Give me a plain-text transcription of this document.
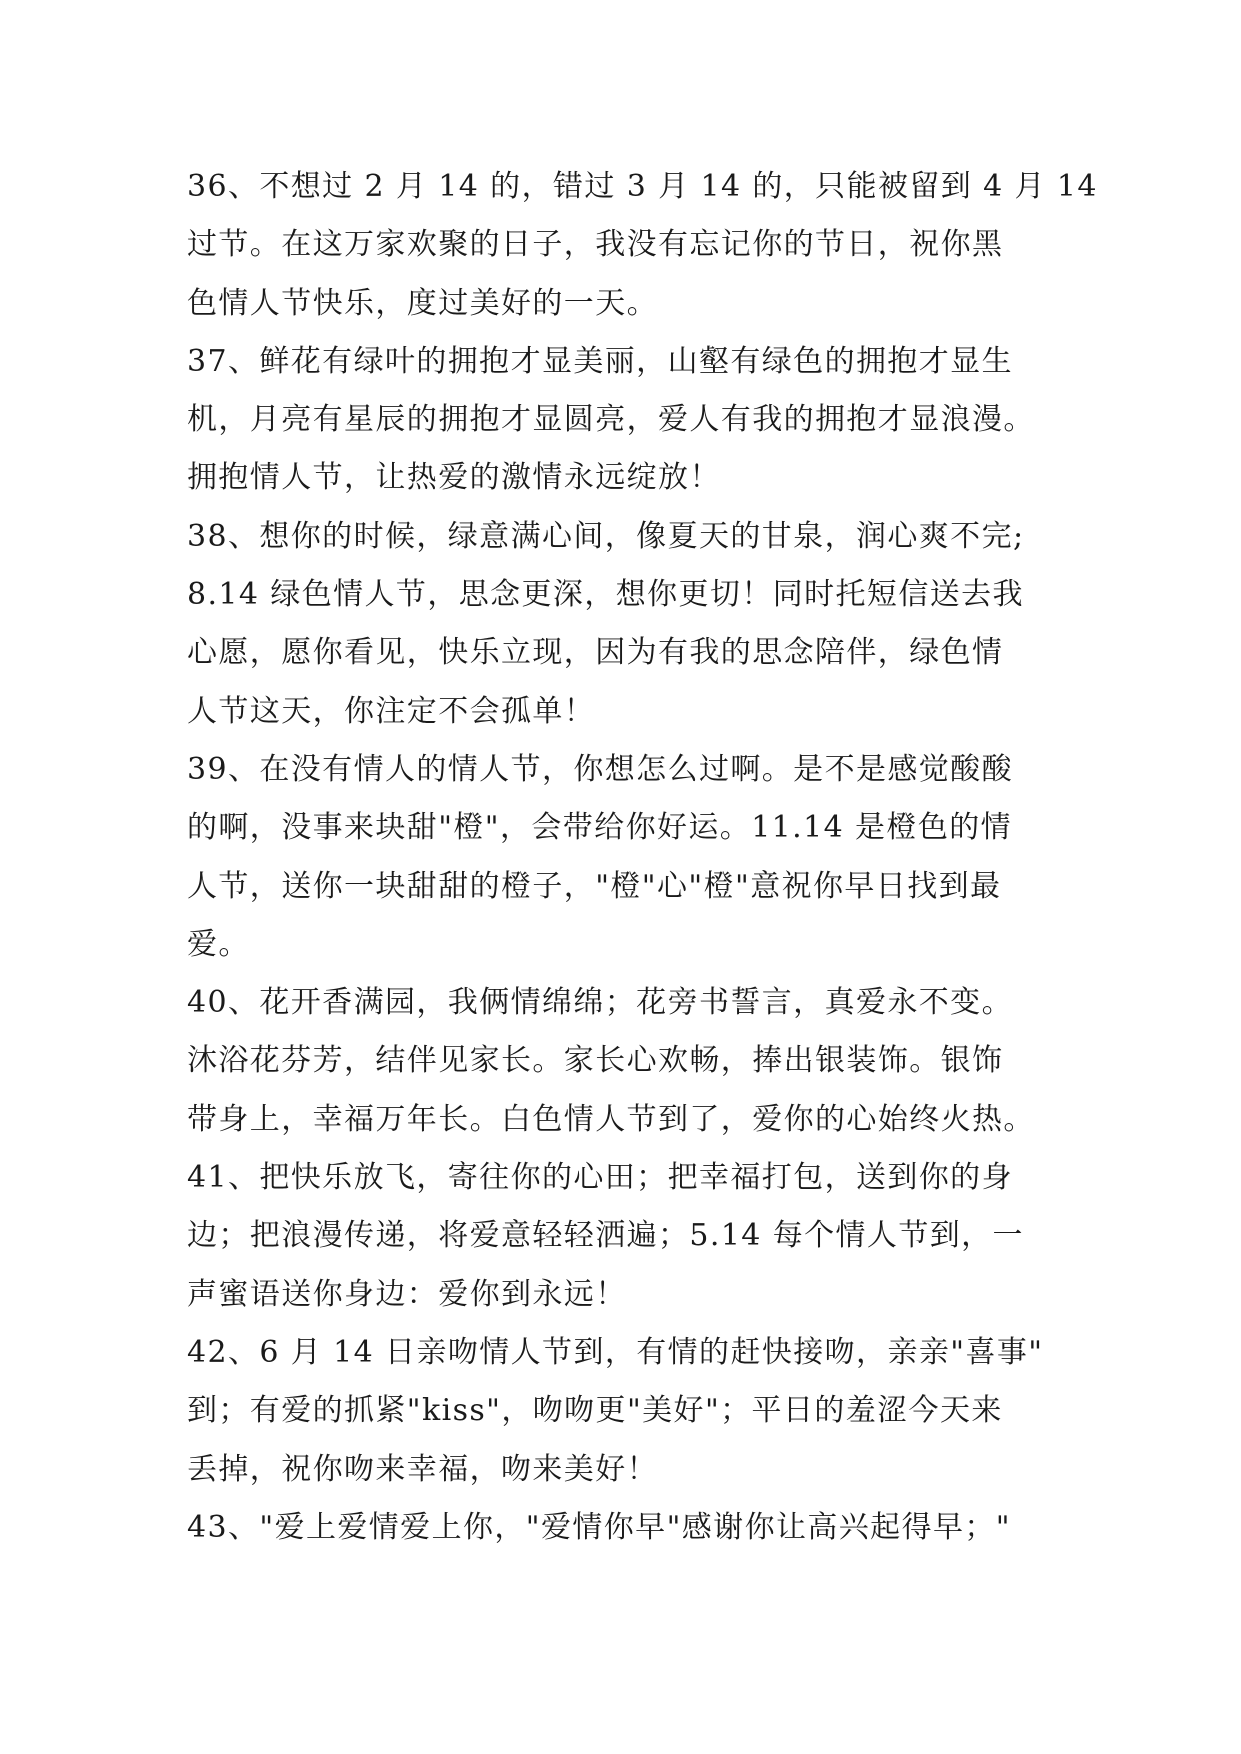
36、不想过 2 月 14 的，错过 3 月 14 的，只能被留到 4 月 14
过节。在这万家欢聚的日子，我没有忘记你的节日，祝你黑
色情人节快乐，度过美好的一天。
37、鲜花有绿叶的拥抱才显美丽，山壑有绿色的拥抱才显生
机，月亮有星辰的拥抱才显圆亮，爱人有我的拥抱才显浪漫。
拥抱情人节，让热爱的激情永远绽放！
38、想你的时候，绿意满心间，像夏天的甘泉，润心爽不完;
8.14 绿色情人节，思念更深，想你更切！同时托短信送去我
心愿，愿你看见，快乐立现，因为有我的思念陪伴，绿色情
人节这天，你注定不会孤单！
39、在没有情人的情人节，你想怎么过啊。是不是感觉酸酸
的啊，没事来块甜"橙"，会带给你好运。11.14 是橙色的情
人节，送你一块甜甜的橙子，"橙"心"橙"意祝你早日找到最
爱。
40、花开香满园，我俩情绵绵；花旁书誓言，真爱永不变。
沐浴花芬芳，结伴见家长。家长心欢畅，捧出银装饰。银饰
带身上，幸福万年长。白色情人节到了，爱你的心始终火热。
41、把快乐放飞，寄往你的心田；把幸福打包，送到你的身
边；把浪漫传递，将爱意轻轻洒遍；5.14 每个情人节到，一
声蜜语送你身边：爱你到永远！
42、6 月 14 日亲吻情人节到，有情的赶快接吻，亲亲"喜事"
到；有爱的抓紧"kiss"，吻吻更"美好"；平日的羞涩今天来
丢掉，祝你吻来幸福，吻来美好！
43、"爱上爱情爱上你，"爱情你早"感谢你让高兴起得早；"
